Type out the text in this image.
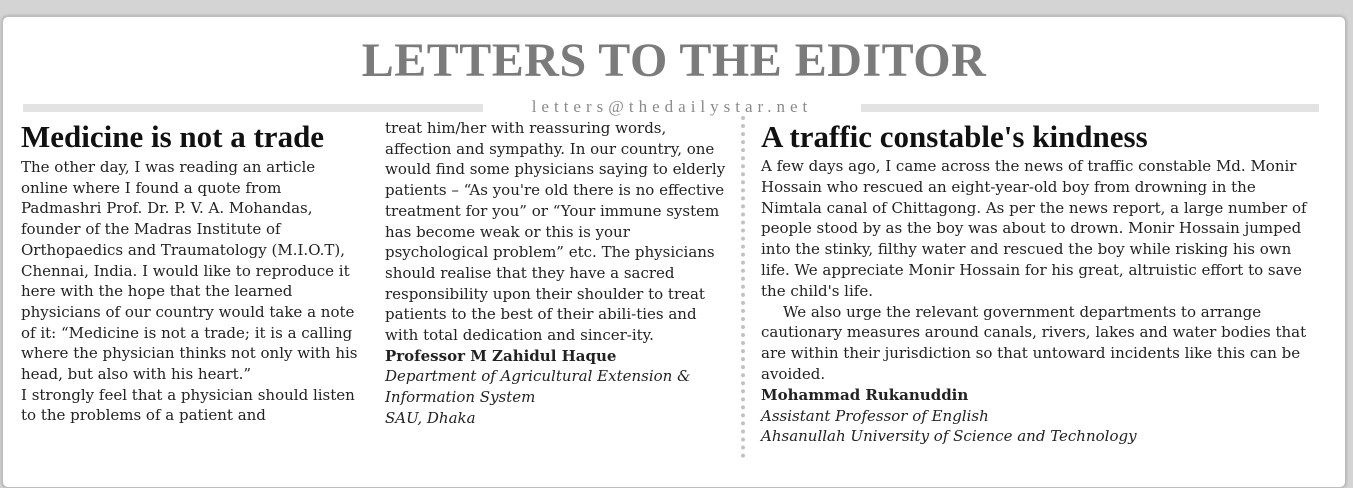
LETTERS TO THE EDITOR
letters@thedailystar.net
Medicine is not a trade

The other day, I was reading an article online where I found a quote from Padmashri Prof. Dr. P. V. A. Mohandas, founder of the Madras Institute of Orthopaedics and Traumatology (M.I.O.T), Chennai, India. I would like to reproduce it here with the hope that the learned physicians of our country would take a note of it: “Medicine is not a trade; it is a calling where the physician thinks not only with his head, but also with his heart.”

I strongly feel that a physician should listen to the problems of a patient and

treat him/her with reassuring words, affection and sympathy. In our country, one would find some physicians saying to elderly patients – “As you're old there is no effective treatment for you” or “Your immune system has become weak or this is your psychological problem” etc. The physicians should realise that they have a sacred responsibility upon their shoulder to treat patients to the best of their abili-ties and with total dedication and sincer-ity.

Professor M Zahidul Haque

Department of Agricultural Extension &

Information System

SAU, Dhaka

A traffic constable's kindness

A few days ago, I came across the news of traffic constable Md. Monir Hossain who rescued an eight-year-old boy from drowning in the Nimtala canal of Chittagong. As per the news report, a large number of people stood by as the boy was about to drown. Monir Hossain jumped into the stinky, filthy water and rescued the boy while risking his own life. We appreciate Monir Hossain for his great, altruistic effort to save the child's life.

We also urge the relevant government departments to arrange cautionary measures around canals, rivers, lakes and water bodies that are within their jurisdiction so that untoward incidents like this can be avoided.

Mohammad Rukanuddin

Assistant Professor of English

Ahsanullah University of Science and Technology
